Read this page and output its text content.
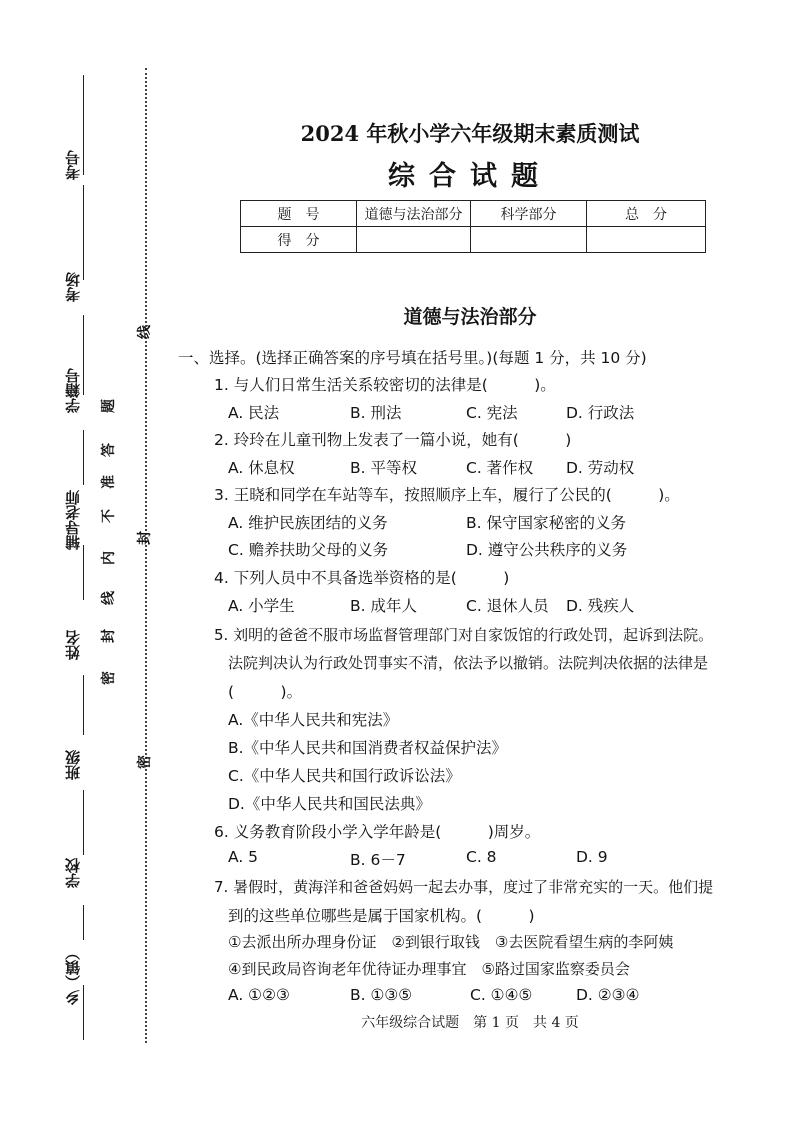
考号
考场
学籍号
辅导老师
姓名
班级
学校
乡（镇）
题
答
准
不
内
线
封
密
线
封
密
2024 年秋小学六年级期末素质测试
综合试题
题　号	道德与法治部分	科学部分	总　分
得　分			
道德与法治部分
一、选择。(选择正确答案的序号填在括号里。)(每题 1 分，共 10 分)
1. 与人们日常生活关系较密切的法律是(　　　)。
A. 民法	B. 刑法	C. 宪法	D. 行政法
2. 玲玲在儿童刊物上发表了一篇小说，她有(　　　)
A. 休息权	B. 平等权	C. 著作权 D. 劳动权
3. 王晓和同学在车站等车，按照顺序上车，履行了公民的(　　　)。
A. 维护民族团结的义务	B. 保守国家秘密的义务
C. 赡养扶助父母的义务	D. 遵守公共秩序的义务
4. 下列人员中不具备选举资格的是(　　　)
A. 小学生	B. 成年人	C. 退休人员 D. 残疾人
5. 刘明的爸爸不服市场监督管理部门对自家饭馆的行政处罚，起诉到法院。
法院判决认为行政处罚事实不清，依法予以撤销。法院判决依据的法律是
(　　　)。
A.《中华人民共和宪法》
B.《中华人民共和国消费者权益保护法》
C.《中华人民共和国行政诉讼法》
D.《中华人民共和国民法典》
6. 义务教育阶段小学入学年龄是(　　　)周岁。
A. 5	B. 6－7	C. 8	D. 9
7. 暑假时，黄海洋和爸爸妈妈一起去办事，度过了非常充实的一天。他们提
到的这些单位哪些是属于国家机构。(　　　)
①去派出所办理身份证　②到银行取钱　③去医院看望生病的李阿姨
④到民政局咨询老年优待证办理事宜　⑤路过国家监察委员会
A. ①②③	B. ①③⑤	C. ①④⑤	D. ②③④
六年级综合试题　第 1 页　共 4 页
